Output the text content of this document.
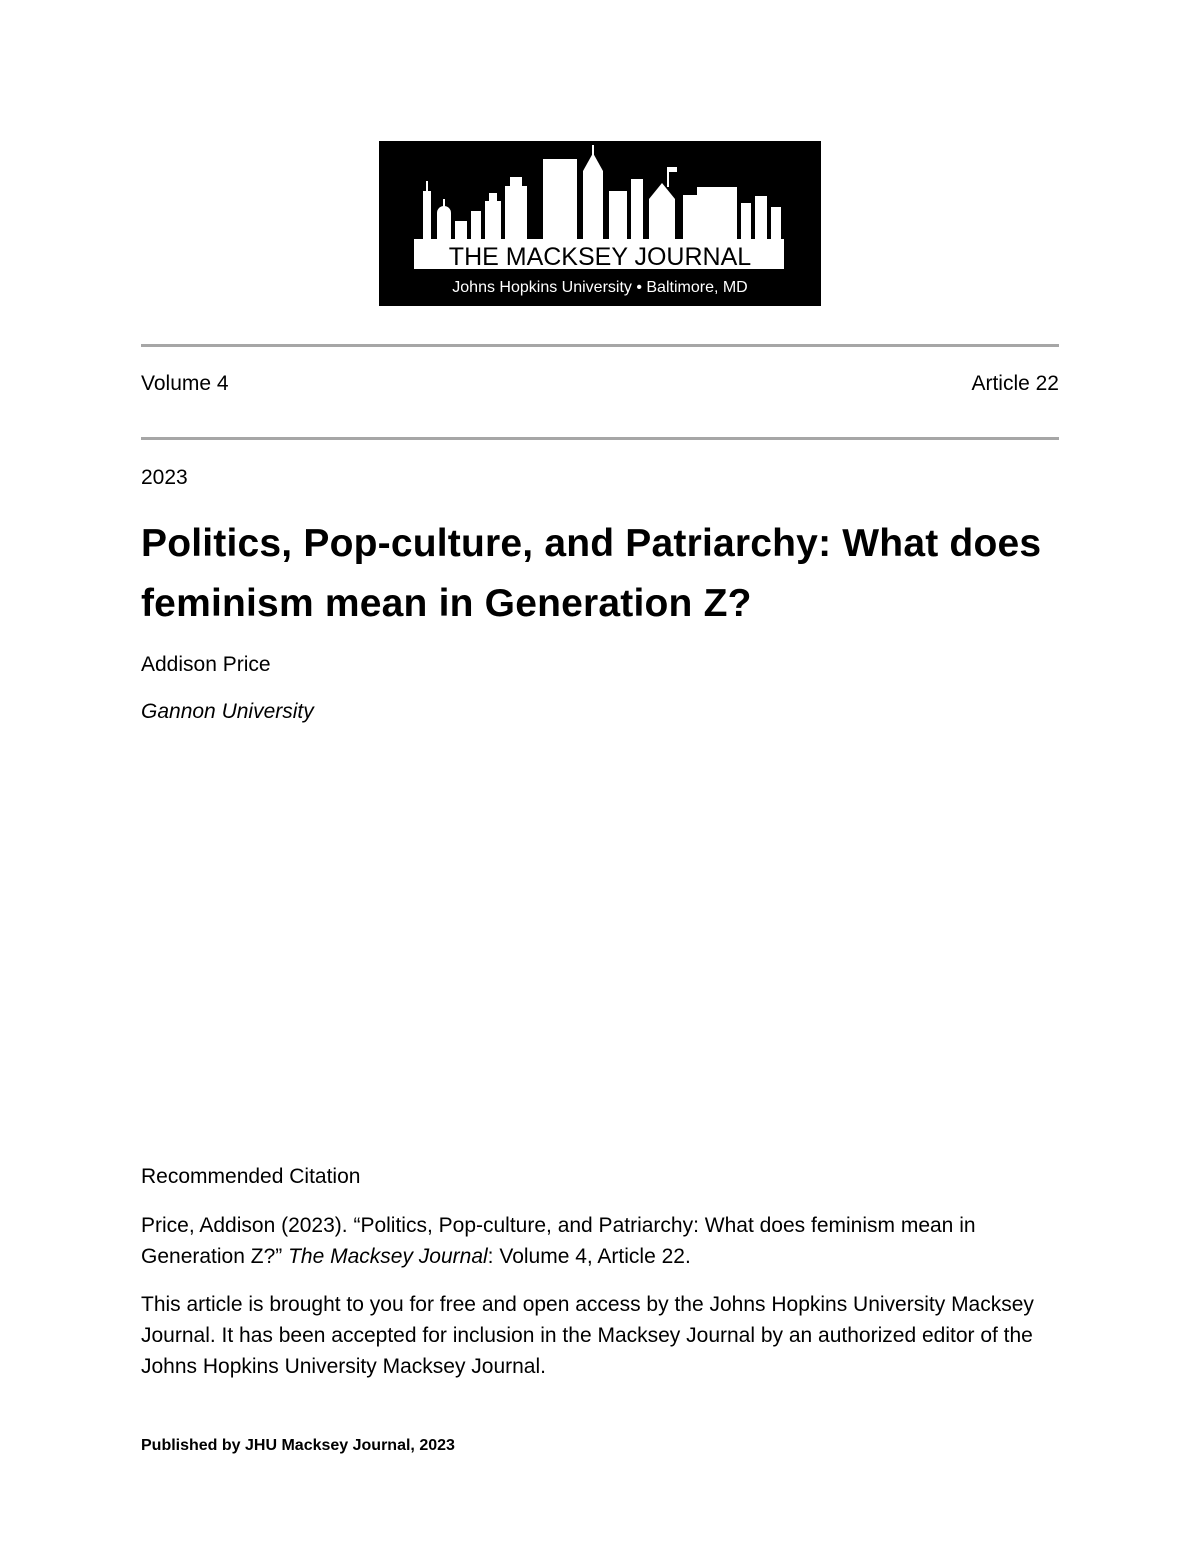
THE MACKSEY JOURNAL
Johns Hopkins University • Baltimore, MD

Volume 4	Article 22

2023

Politics, Pop-culture, and Patriarchy: What does feminism mean in Generation Z?

Addison Price

Gannon University

Recommended Citation

Price, Addison (2023). “Politics, Pop-culture, and Patriarchy: What does feminism mean in Generation Z?” The Macksey Journal: Volume 4, Article 22.

This article is brought to you for free and open access by the Johns Hopkins University Macksey Journal. It has been accepted for inclusion in the Macksey Journal by an authorized editor of the Johns Hopkins University Macksey Journal.

Published by JHU Macksey Journal, 2023
